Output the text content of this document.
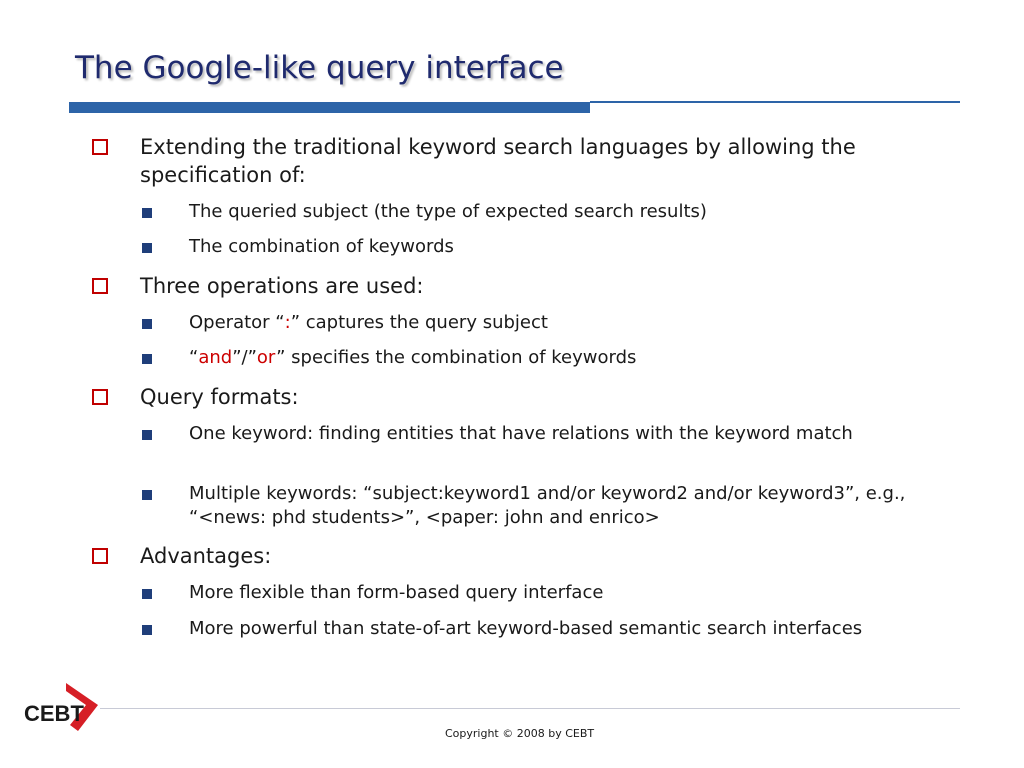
The Google-like query interface
Extending the traditional keyword search languages by allowing the specification of:
The queried subject (the type of expected search results)
The combination of keywords
Three operations are used:
Operator “:” captures the query subject
“and”/”or” specifies the combination of keywords
Query formats:
One keyword: finding entities that have relations with the keyword match
Multiple keywords: “subject:keyword1 and/or keyword2 and/or keyword3”, e.g., “<news: phd students>”, <paper: john and enrico>
Advantages:
More flexible than form-based query interface
More powerful than state-of-art keyword-based semantic search interfaces
CEBT
Copyright © 2008 by CEBT
